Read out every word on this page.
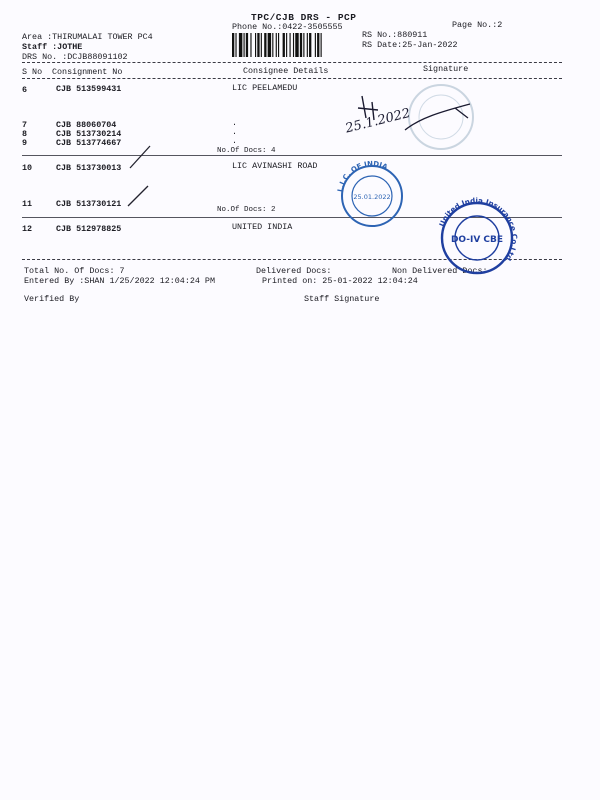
TPC/CJB DRS - PCP
Phone No.:0422-3505555	Page No.:2
Area :THIRUMALAI TOWER PC4
Staff :JOTHE
DRS No. :DCJB88091102
RS No.:880911
RS Date:25-Jan-2022
S No Consignment No	Consignee Details	Signature
6	CJB 513599431	LIC PEELAMEDU
7	CJB 88060704
8	CJB 513730214
9	CJB 513774667
.
.
.
No.Of Docs: 4
10	CJB 513730013	LIC AVINASHI ROAD
11	CJB 513730121
No.Of Docs: 2
12	CJB 512978825	UNITED INDIA
Total No. Of Docs: 7	Delivered Docs:	Non Delivered Docs:
Entered By :SHAN 1/25/2022 12:04:24 PM	Printed on: 25-01-2022 12:04:24
Verified By	Staff Signature
L.I.C. OF INDIA
25.01.2022
United India Insurance Co.Ltd.
DO-IV CBE
25.1.2022
